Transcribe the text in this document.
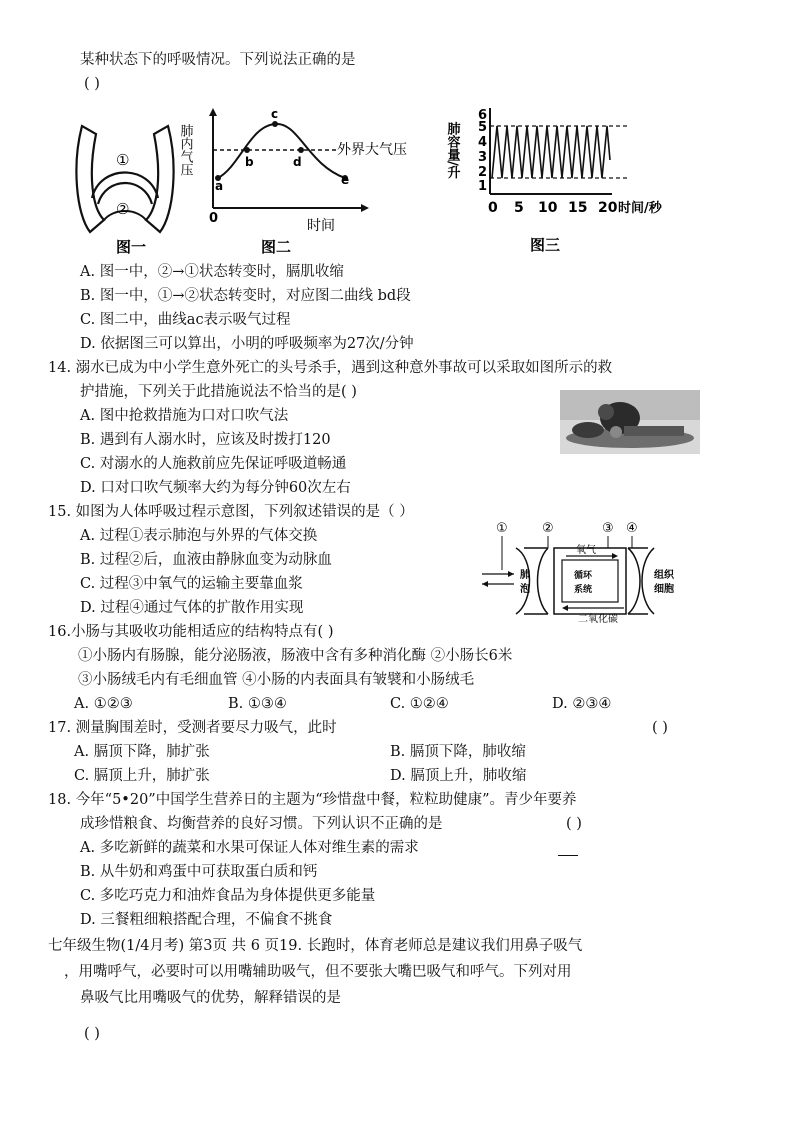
某种状态下的呼吸情况。下列说法正确的是
( )
①
②
图一
肺内气压
a
b
c
d
e
外界大气压
0	时间
图二
肺容量/升
6
5
4
3
2
1
0 5 10 15 20 时间/秒
图三
A. 图一中，②→①状态转变时，膈肌收缩
B. 图一中，①→②状态转变时，对应图二曲线 bd段
C. 图二中，曲线ac表示吸气过程
D. 依据图三可以算出，小明的呼吸频率为27次/分钟
14. 溺水已成为中小学生意外死亡的头号杀手，遇到这种意外事故可以采取如图所示的救
护措施，下列关于此措施说法不恰当的是( )
A. 图中抢救措施为口对口吹气法
B. 遇到有人溺水时，应该及时拨打120
C. 对溺水的人施救前应先保证呼吸道畅通
D. 口对口吹气频率大约为每分钟60次左右
15. 如图为人体呼吸过程示意图，下列叙述错误的是（ ）
A. 过程①表示肺泡与外界的气体交换
B. 过程②后，血液由静脉血变为动脉血
C. 过程③中氧气的运输主要靠血浆
D. 过程④通过气体的扩散作用实现
①	②	③ ④
肺
泡
循环
系统
组织
细胞
氧气
二氧化碳
16.小肠与其吸收功能相适应的结构特点有( )
①小肠内有肠腺，能分泌肠液，肠液中含有多种消化酶 ②小肠长6米
③小肠绒毛内有毛细血管 ④小肠的内表面具有皱襞和小肠绒毛
A. ①②③	B. ①③④	C. ①②④	D. ②③④
17. 测量胸围差时，受测者要尽力吸气，此时	( )
A. 膈顶下降，肺扩张	B. 膈顶下降，肺收缩
C. 膈顶上升，肺扩张	D. 膈顶上升，肺收缩
18. 今年“5•20”中国学生营养日的主题为“珍惜盘中餐，粒粒助健康”。青少年要养
成珍惜粮食、均衡营养的良好习惯。下列认识不正确的是	( )
A. 多吃新鲜的蔬菜和水果可保证人体对维生素的需求
B. 从牛奶和鸡蛋中可获取蛋白质和钙
C. 多吃巧克力和油炸食品为身体提供更多能量
D. 三餐粗细粮搭配合理，不偏食不挑食
七年级生物(1/4月考) 第3页 共 6 页19. 长跑时，体育老师总是建议我们用鼻子吸气
，用嘴呼气，必要时可以用嘴辅助吸气，但不要张大嘴巴吸气和呼气。下列对用
鼻吸气比用嘴吸气的优势，解释错误的是
( )
